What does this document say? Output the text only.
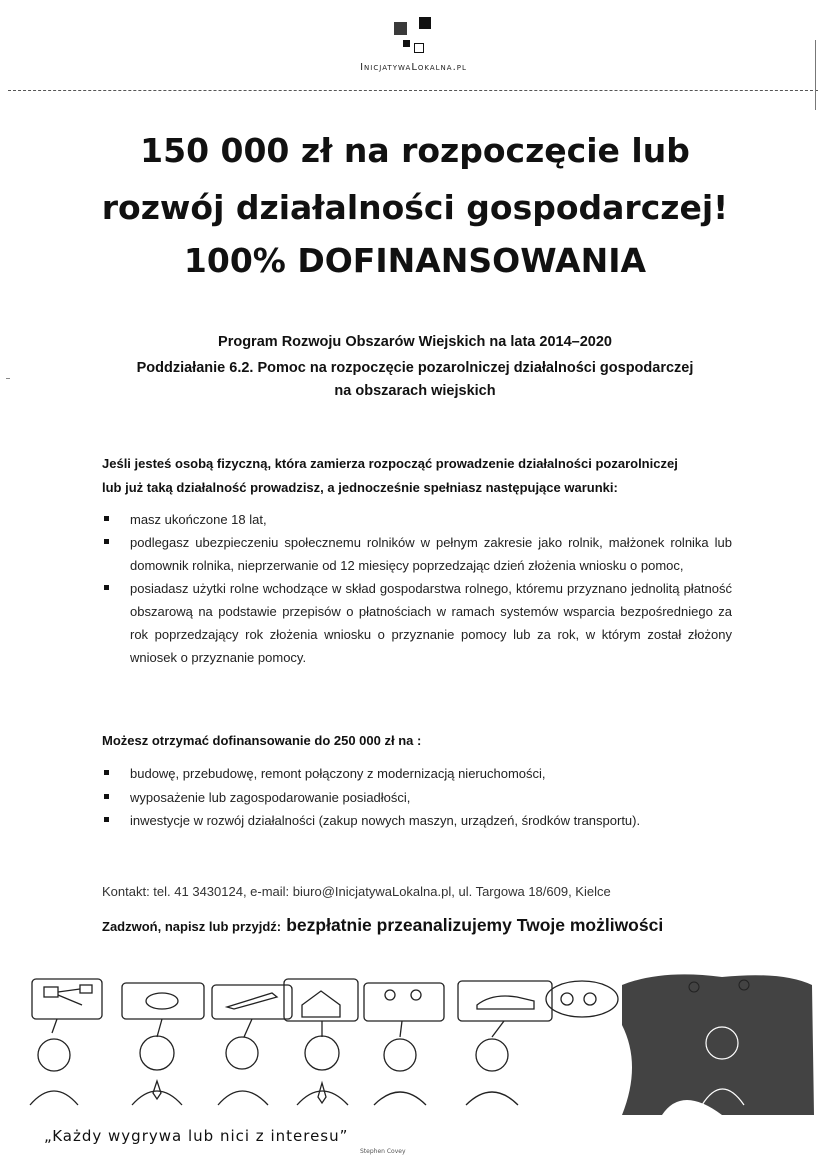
InicjatywaLokalna.pl
150 000 zł na rozpoczęcie lub
rozwój działalności gospodarczej!
100% DOFINANSOWANIA
Program Rozwoju Obszarów Wiejskich na lata 2014–2020
Poddziałanie 6.2. Pomoc na rozpoczęcie pozarolniczej działalności gospodarczej
na obszarach wiejskich
Jeśli jesteś osobą fizyczną, która zamierza rozpocząć prowadzenie działalności pozarolniczej
lub już taką działalność prowadzisz, a jednocześnie spełniasz następujące warunki:
masz ukończone 18 lat,
podlegasz ubezpieczeniu społecznemu rolników w pełnym zakresie jako rolnik, małżonek rolnika lub domownik rolnika, nieprzerwanie od 12 miesięcy poprzedzając dzień złożenia wniosku o pomoc,
posiadasz użytki rolne wchodzące w skład gospodarstwa rolnego, któremu przyznano jednolitą płatność obszarową na podstawie przepisów o płatnościach w ramach systemów wsparcia bezpośredniego za rok poprzedzający rok złożenia wniosku o przyznanie pomocy lub za rok, w którym został złożony wniosek o przyznanie pomocy.
Możesz otrzymać dofinansowanie do 250 000 zł na :
budowę, przebudowę, remont połączony z modernizacją nieruchomości,
wyposażenie lub zagospodarowanie posiadłości,
inwestycje w rozwój działalności (zakup nowych maszyn, urządzeń, środków transportu).
Kontakt: tel. 41 3430124, e-mail: biuro@InicjatywaLokalna.pl, ul. Targowa 18/609, Kielce
Zadzwoń, napisz lub przyjdź: bezpłatnie przeanalizujemy Twoje możliwości
„Każdy wygrywa lub nici z interesu”
Stephen Covey
